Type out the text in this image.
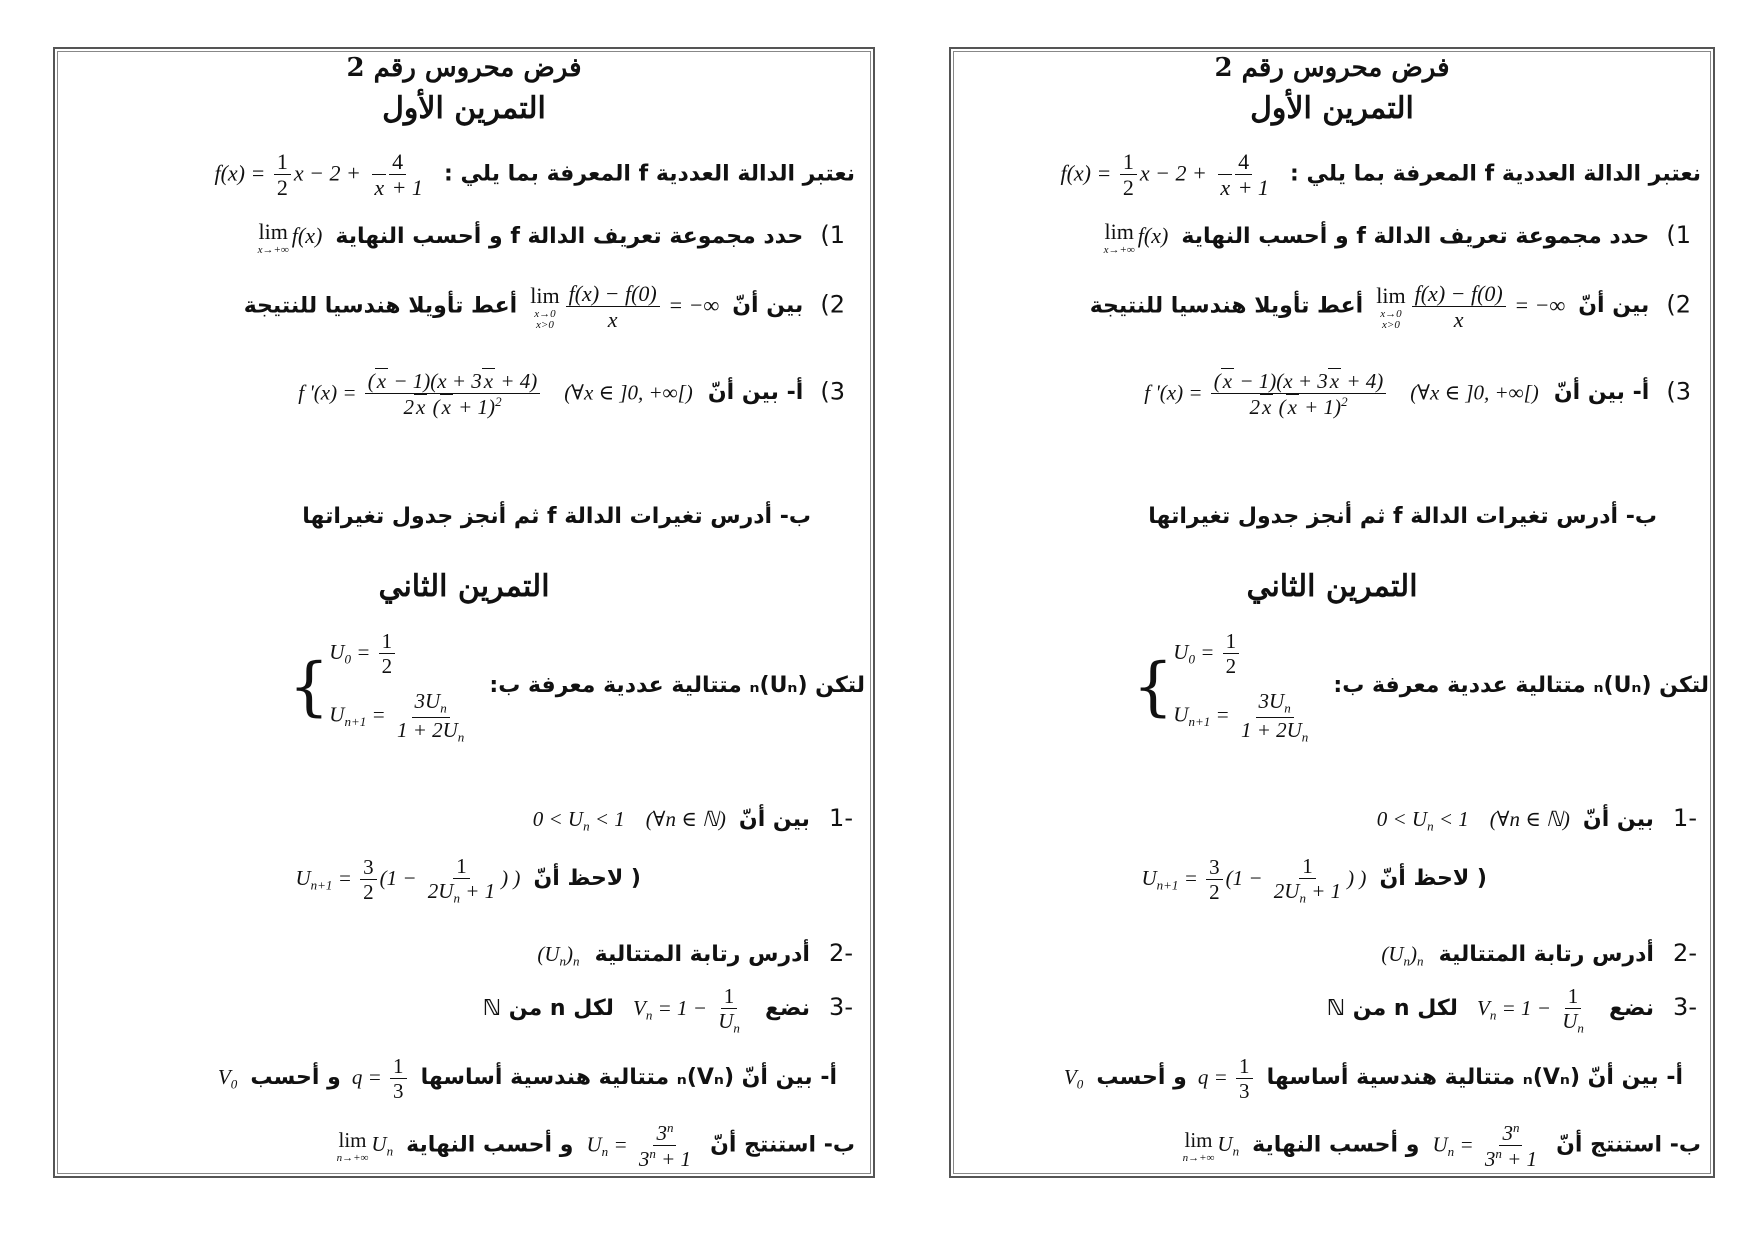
فرض محروس رقم 2
التمرين الأول
نعتبر الدالة العددية f المعرفة بما يلي : $f(x) = \frac{1}{2}$ $x - 2 + \frac{4}{x + 1}$
1) حدد مجموعة تعريف الدالة f و أحسب النهاية lim
x→+∞
f(x)
2) بين أنّ lim
x→0
$x>0 \frac{f(x) - f(0)}{x}$ = −∞ أعط تأويلا هندسيا للنتيجة
3) أ- بين أنّ f '$(x) = \frac{(x - 1)(x + 3x + 4)}{2x (x + 1)^2}$ (∀x ∈ ]0, +∞[)
ب- أدرس تغيرات الدالة f ثم أنجز جدول تغيراتها
التمرين الثاني
لتكن (Uₙ)ₙ متتالية عددية معرفة ب: { $U_0 = \frac{1}{2}$
$U_{n+1} = \frac{3U_n}{1 + 2U_n}$
-1 بين أنّ $0 < U_n < 1$    (∀n ∈ ℕ)
( لاحظ أنّ $U_{n+1} = \frac{3}{2} (1 - \frac{1}{2U_n + 1}$ ) )
-2 أدرس رتابة المتتالية $(U_n)_n$
-3 نضع $V_n = 1 - \frac{1}{U_n}$
لكل n من ℕ
أ- بين أنّ (Vₙ)ₙ متتالية هندسية أساسها $q = \frac{1}{3}$
و أحسب $V_0$
ب- استنتج أنّ $U_n = \frac{3^n}{3^n + 1}$
و أحسب النهاية lim
n→+∞
$U_n$
فرض محروس رقم 2
التمرين الأول
نعتبر الدالة العددية f المعرفة بما يلي : $f(x) = \frac{1}{2}$ $x - 2 + \frac{4}{x + 1}$
1) حدد مجموعة تعريف الدالة f و أحسب النهاية lim
x→+∞
f(x)
2) بين أنّ lim
x→0
$x>0 \frac{f(x) - f(0)}{x}$ = −∞ أعط تأويلا هندسيا للنتيجة
3) أ- بين أنّ f '$(x) = \frac{(x - 1)(x + 3x + 4)}{2x (x + 1)^2}$ (∀x ∈ ]0, +∞[)
ب- أدرس تغيرات الدالة f ثم أنجز جدول تغيراتها
التمرين الثاني
لتكن (Uₙ)ₙ متتالية عددية معرفة ب: { $U_0 = \frac{1}{2}$
$U_{n+1} = \frac{3U_n}{1 + 2U_n}$
-1 بين أنّ $0 < U_n < 1$    (∀n ∈ ℕ)
( لاحظ أنّ $U_{n+1} = \frac{3}{2} (1 - \frac{1}{2U_n + 1}$ ) )
-2 أدرس رتابة المتتالية $(U_n)_n$
-3 نضع $V_n = 1 - \frac{1}{U_n}$
لكل n من ℕ
أ- بين أنّ (Vₙ)ₙ متتالية هندسية أساسها $q = \frac{1}{3}$
و أحسب $V_0$
ب- استنتج أنّ $U_n = \frac{3^n}{3^n + 1}$
و أحسب النهاية lim
n→+∞
$U_n$
